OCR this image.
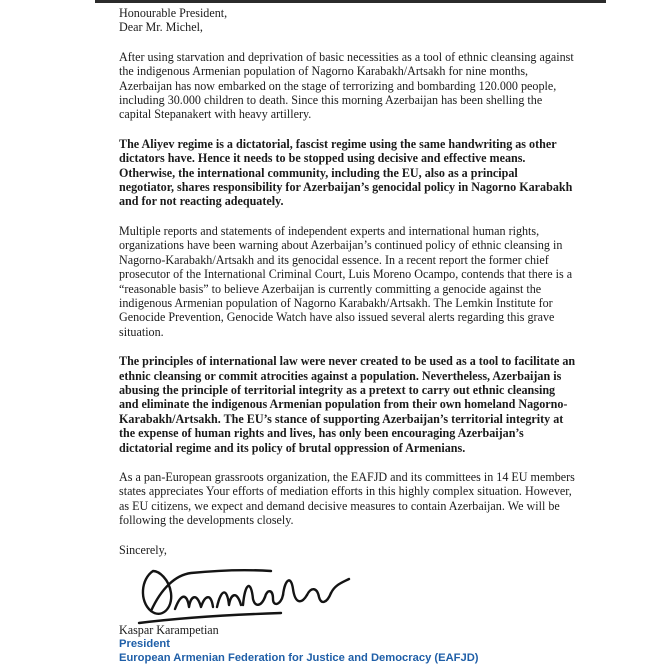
Honourable President,

Dear Mr. Michel,

After using starvation and deprivation of basic necessities as a tool of ethnic cleansing against
the indigenous Armenian population of Nagorno Karabakh/Artsakh for nine months,
Azerbaijan has now embarked on the stage of terrorizing and bombarding 120.000 people,
including 30.000 children to death. Since this morning Azerbaijan has been shelling the
capital Stepanakert with heavy artillery.

The Aliyev regime is a dictatorial, fascist regime using the same handwriting as other
dictators have. Hence it needs to be stopped using decisive and effective means.
Otherwise, the international community, including the EU, also as a principal
negotiator, shares responsibility for Azerbaijan’s genocidal policy in Nagorno Karabakh
and for not reacting adequately.

Multiple reports and statements of independent experts and international human rights,
organizations have been warning about Azerbaijan’s continued policy of ethnic cleansing in
Nagorno-Karabakh/Artsakh and its genocidal essence. In a recent report the former chief
prosecutor of the International Criminal Court, Luis Moreno Ocampo, contends that there is a
“reasonable basis” to believe Azerbaijan is currently committing a genocide against the
indigenous Armenian population of Nagorno Karabakh/Artsakh. The Lemkin Institute for
Genocide Prevention, Genocide Watch have also issued several alerts regarding this grave
situation.

The principles of international law were never created to be used as a tool to facilitate an
ethnic cleansing or commit atrocities against a population. Nevertheless, Azerbaijan is
abusing the principle of territorial integrity as a pretext to carry out ethnic cleansing
and eliminate the indigenous Armenian population from their own homeland Nagorno-
Karabakh/Artsakh. The EU’s stance of supporting Azerbaijan’s territorial integrity at
the expense of human rights and lives, has only been encouraging Azerbaijan’s
dictatorial regime and its policy of brutal oppression of Armenians.

As a pan-European grassroots organization, the EAFJD and its committees in 14 EU members
states appreciates Your efforts of mediation efforts in this highly complex situation. However,
as EU citizens, we expect and demand decisive measures to contain Azerbaijan. We will be
following the developments closely.

Sincerely,

Kaspar Karampetian

President

European Armenian Federation for Justice and Democracy (EAFJD)
